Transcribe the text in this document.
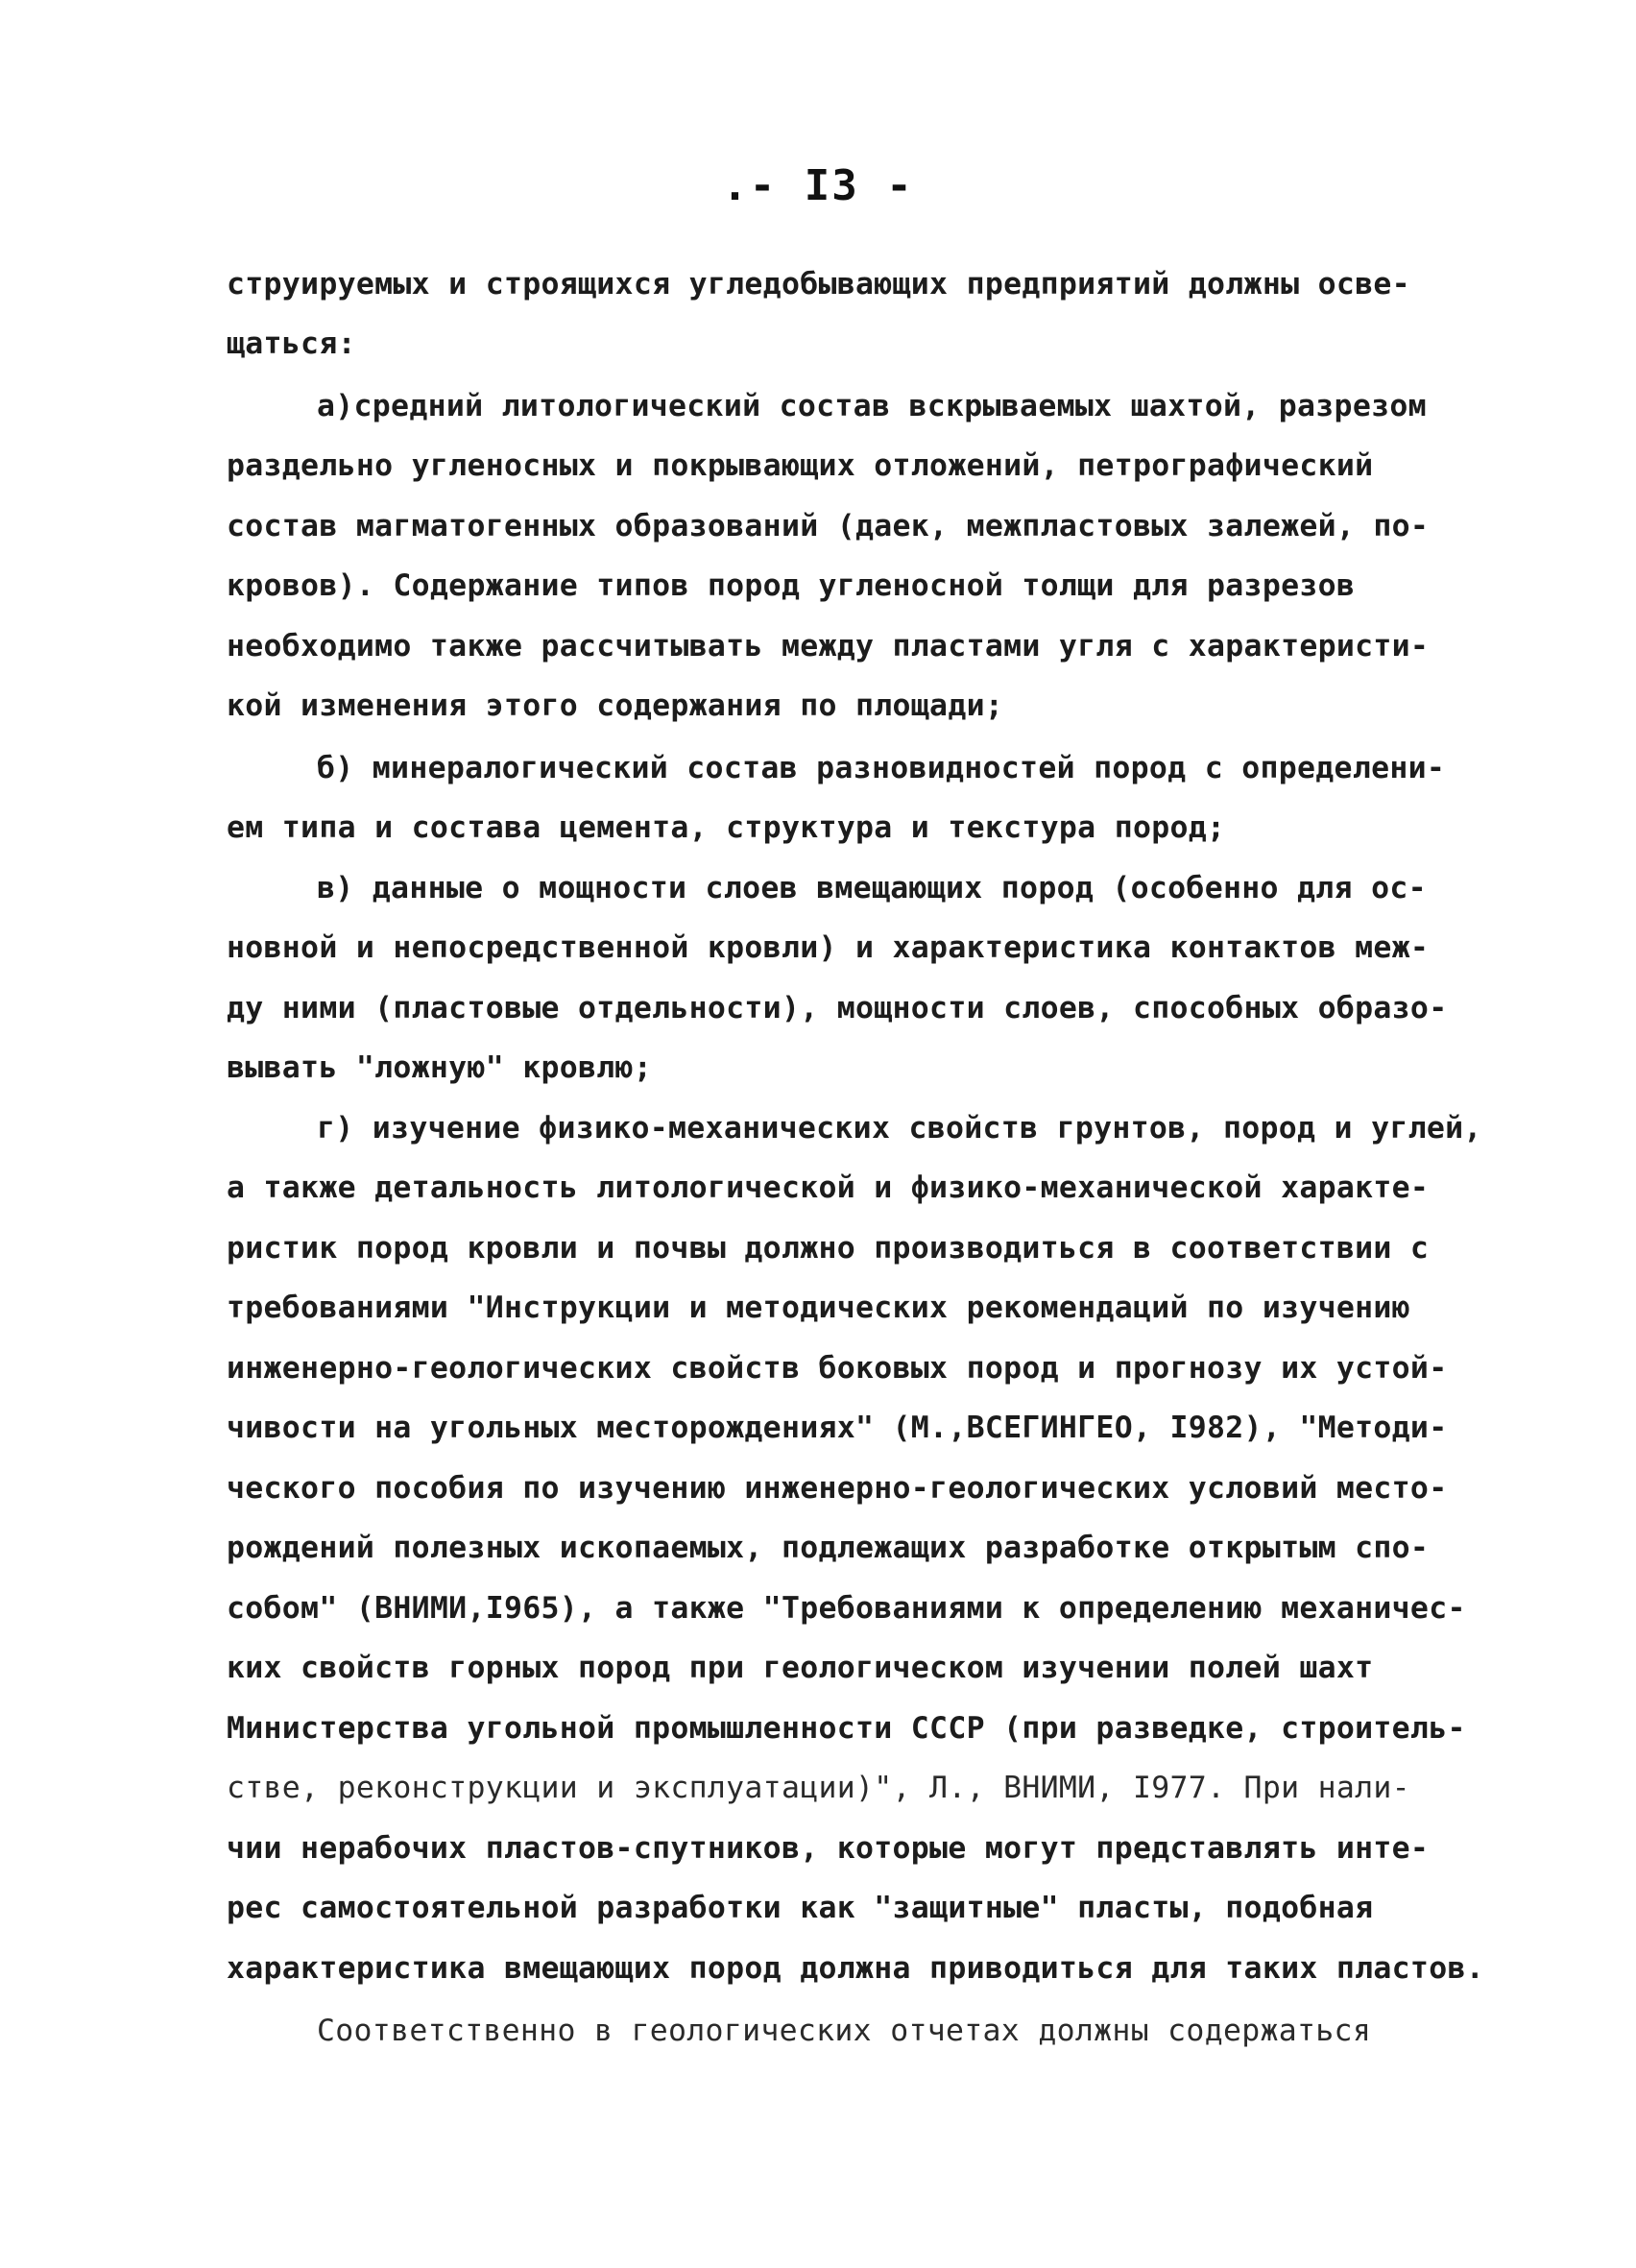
.- I3 -
струируемых и строящихся угледобывающих предприятий должны осве-
щаться:
а)средний литологический состав вскрываемых шахтой, разрезом
раздельно угленосных и покрывающих отложений, петрографический
состав магматогенных образований (даек, межпластовых залежей, по-
кровов). Содержание типов пород угленосной толщи для разрезов
необходимо также рассчитывать между пластами угля с характеристи-
кой изменения этого содержания по площади;
б) минералогический состав разновидностей пород с определени-
ем типа и состава цемента, структура и текстура пород;
в) данные о мощности слоев вмещающих пород (особенно для ос-
новной и непосредственной кровли) и характеристика контактов меж-
ду ними (пластовые отдельности), мощности слоев, способных образо-
вывать "ложную" кровлю;
г) изучение физико-механических свойств грунтов, пород и углей,
а также детальность литологической и физико-механической характе-
ристик пород кровли и почвы должно производиться в соответствии с
требованиями "Инструкции и методических рекомендаций по изучению
инженерно-геологических свойств боковых пород и прогнозу их устой-
чивости на угольных месторождениях" (М.,ВСЕГИНГЕО, I982), "Методи-
ческого пособия по изучению инженерно-геологических условий место-
рождений полезных ископаемых, подлежащих разработке открытым спо-
собом" (ВНИМИ,I965), а также "Требованиями к определению механичес-
ких свойств горных пород при геологическом изучении полей шахт
Министерства угольной промышленности СССР (при разведке, строитель-
стве, реконструкции и эксплуатации)", Л., ВНИМИ, I977. При нали-
чии нерабочих пластов-спутников, которые могут представлять инте-
рес самостоятельной разработки как "защитные" пласты, подобная
характеристика вмещающих пород должна приводиться для таких пластов.
Соответственно в геологических отчетах должны содержаться
